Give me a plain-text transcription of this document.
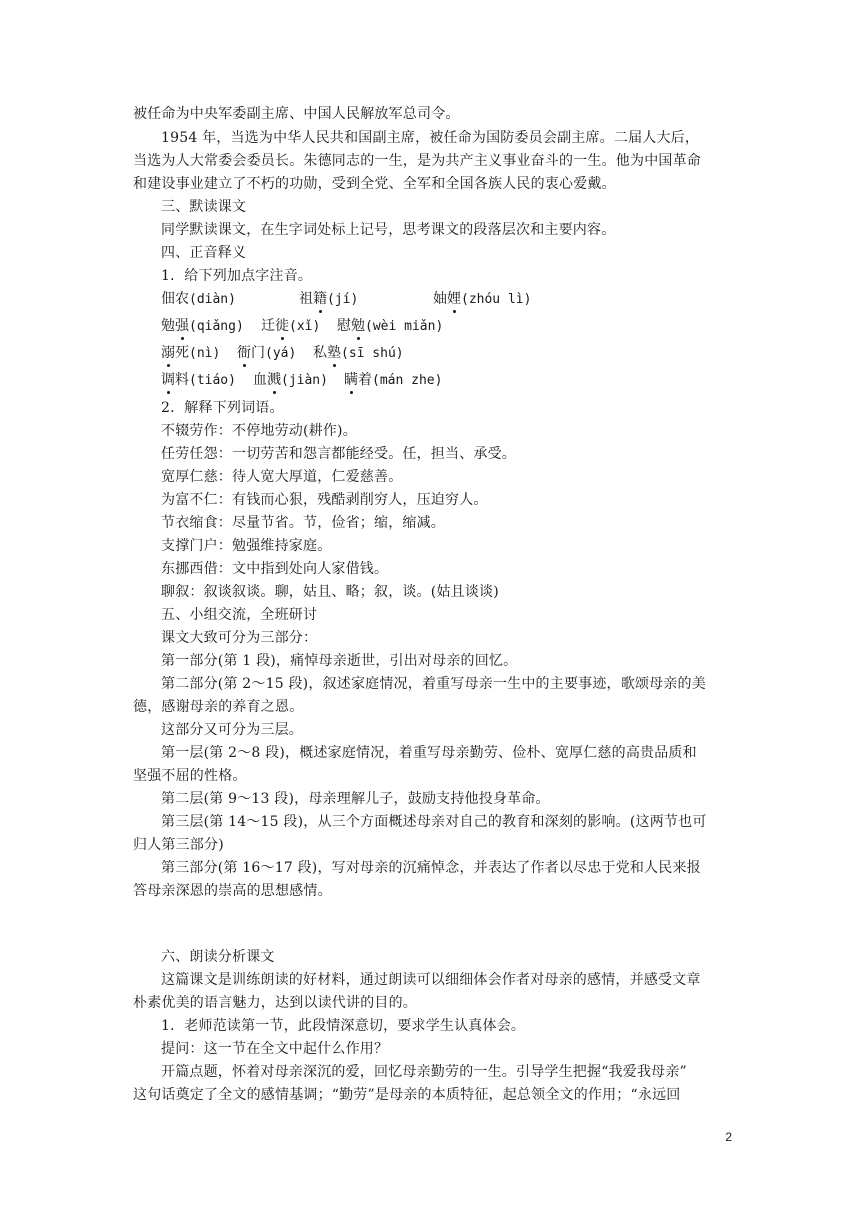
被任命为中央军委副主席、中国人民解放军总司令。
1954 年，当选为中华人民共和国副主席，被任命为国防委员会副主席。二届人大后，
当选为人大常委会委员长。朱德同志的一生，是为共产主义事业奋斗的一生。他为中国革命
和建设事业建立了不朽的功勋，受到全党、全军和全国各族人民的衷心爱戴。
三、默读课文
同学默读课文，在生字词处标上记号，思考课文的段落层次和主要内容。
四、正音释义
1．给下列加点字注音。
佃农(diàn)	祖籍(jí)	妯娌(zhóu lì)
勉强(qiǎng) 迁徙(xǐ) 慰勉(wèi miǎn)
溺死(nì) 衙门(yá) 私塾(sī shú)
调料(tiáo) 血溅(jiàn) 瞒着(mán zhe)
2．解释下列词语。
不辍劳作：不停地劳动(耕作)。
任劳任怨：一切劳苦和怨言都能经受。任，担当、承受。
宽厚仁慈：待人宽大厚道，仁爱慈善。
为富不仁：有钱而心狠，残酷剥削穷人，压迫穷人。
节衣缩食：尽量节省。节，俭省；缩，缩减。
支撑门户：勉强维持家庭。
东挪西借：文中指到处向人家借钱。
聊叙：叙谈叙谈。聊，姑且、略；叙，谈。(姑且谈谈)
五、小组交流，全班研讨
课文大致可分为三部分：
第一部分(第 1 段)，痛悼母亲逝世，引出对母亲的回忆。
第二部分(第 2～15 段)，叙述家庭情况，着重写母亲一生中的主要事迹，歌颂母亲的美
德，感谢母亲的养育之恩。
这部分又可分为三层。
第一层(第 2～8 段)，概述家庭情况，着重写母亲勤劳、俭朴、宽厚仁慈的高贵品质和
坚强不屈的性格。
第二层(第 9～13 段)，母亲理解儿子，鼓励支持他投身革命。
第三层(第 14～15 段)，从三个方面概述母亲对自己的教育和深刻的影响。(这两节也可
归人第三部分)
第三部分(第 16～17 段)，写对母亲的沉痛悼念，并表达了作者以尽忠于党和人民来报
答母亲深恩的崇高的思想感情。
六、朗读分析课文
这篇课文是训练朗读的好材料，通过朗读可以细细体会作者对母亲的感情，并感受文章
朴素优美的语言魅力，达到以读代讲的目的。
1．老师范读第一节，此段情深意切，要求学生认真体会。
提问：这一节在全文中起什么作用？
开篇点题，怀着对母亲深沉的爱，回忆母亲勤劳的一生。引导学生把握“我爱我母亲”
这句话奠定了全文的感情基调；“勤劳”是母亲的本质特征，起总领全文的作用；“永远回
2
